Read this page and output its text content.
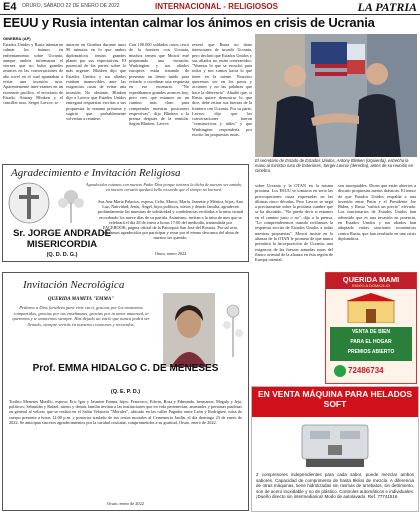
E4 ORURO, SÁBADO 22 DE ENERO DE 2022	INTERNACIONAL - RELIGIOSOS	LA PATRIA
EEUU y Rusia intentan calmar los ánimos en crisis de Ucrania
GINEBRA (AP)
Estados Unidos y Rusia intentaron calmar los ánimos en enfrentamiento sobre Ucrania, aunque ambos informaron el viernes que no hubo grandes avances en las conversaciones de alto nivel en el cual apuntaban a evitar una invasión rusa. Aparentemente inter-esantes en un escenario pacífico, el secretario de Estado, Antony Blinken y el canciller ruso, Sergei Lavrov, se
unieron en Ginebra durante unos 90 minutos en lo que ambos diplomáticos tenían grandes planes por sus expectativas. El potencial de las partes sobre lo más urgente. Blinken dijo que Estados Unidos y sus aliados estaban inamovibles ante las exigencias rusas de evitar una invasión. No obstante, Blinken dijo a Lavrov que Estados Unidos entregará respuestas escritas a sus propuestas la semana próxima y sugirió que probablemente volverían a reunirse.
Con 100.000 soldados rusos cerca de la frontera con Ucrania, muchos temen que Moscú esté preparando una invasión. Washington y sus aliados europeos están tratando de presentar un frente unido para evitarlo o coordinar una respuesta en ese escenario. "No esperábamos grandes avances hoy, pero creo que estamos en un camino más claro para comprender nuestras posiciones respectivas", dijo Blinken a la prensa después de la reunión. Según Blinken, Lavrov
reiteró que Rusia no tiene intenciones de invadir Ucrania, pero declaró que Estados Unidos y sus aliados no están convencidos. "Veamos lo que se escuchó para todos y nos vamos hacia lo que tiene en la mente. Nosotros queremos ver en los pasos y acciones y no las palabras que hace la diferencia". Añadió que, si Rusia quiere demostrar lo que dice, debe retirar sus fuerzas de la frontera con Ucrania. Por su parte, Lavrov dijo que las conversaciones fueron "constructivas y útiles" y que Washington respondería por escrito las propuestas rusas.
El secretario de Estado de Estados Unidos, Antony Blinken (izquierda), estrecha la mano al ministro ruso de Exteriores, Sergei Lavrov (derecha), antes de su reunión en Ginebra.
sobre Ucrania y la OTAN en la misma próxima. Los EEUU se tomaron en serio las preocupaciones rusas expresadas en las últimas cinco décadas. Pero Lavrov se negó a precisamente sobre la próxima cumbre que se ha discutido. "No puedo decir si estamos en el camino justo o no", dijo a la prensa. "Lo comprenderemos cuando recibamos la respuesta escrita de Estados Unidos a todas nuestras propuestas". Moscú insiste en la alianza de la OTAN le prometa de que nunca permitirá la incorporación de Ucrania, una exigencia de las fuerzas armadas rusas del flanco oriental de la alianza en ésta región de Europa oriental.
son inaceptables. Dicen que están abiertos a discutir propuestas menos drásticas. El temor de que Estados Unidos respalda a una invasión entre Putin y el Presidente Joe Biden, y Rusia "sufrirá un precio" elevado. Los funcionarios de Estados Unidos han advertido que es una invasión en potencia, en Estados Unidos y sus aliados han adoptado varias sanciones económicas contra Rusia, que han resultado en una crisis diplomática.
Agradecimiento e Invitación Religiosa
Agradecidos estamos con nuestro Padre Dios porque tuvimos la dicha de nuestro ser amado, en nuestro corazón quedará bello recuerdo que el tiempo no borrará.
Sus Ana María Palacios, esposa, Celia, Marco, María, Jeanette y Mónica, hijos; Ana Luz, Natividad, Jesús, Ángel, hijos políticos, nietos y demás familia, agradecen profundamente las muestras de solidaridad y condolencias recibidas a la misa virtual recordando los nueve días de su partida. Asimismo, invitan a la misa de mes que se celebrará el día 28 de enero a horas 17:00 del mediodía, transmitida por FACEBOOK, página oficial de la Parroquia San José del Rosario. Por tal acto, quedamos agradecidos por participar y rezar por el eterno descanso del alma de nuestro ser querido.
Sr. JORGE ANDRADE MISERICORDIA
(Q. D. D. G.)	Oruro, enero 2022
Invitación Necrológica
QUERIDA MAMITA "EMMA"
Pedimos a Dios fortaleza para vivir sin ti, gracias por los momentos compartidos, gracias por tus enseñanzas, gracias por tu amor maternal, te queremos y te amaremos siempre. Has dejado un vacío que nunca podrá ser llenado, siempre vivirás en nuestros corazones y recuerdos.
Prof. EMMA HIDALGO C. DE MENESES
(Q. E. P. D.)
Toribio Meneses Murillo, esposo; Eric Igor y Jasmine Emma, hijos; Francisco, Edwin, Rosa y Edmundo, hermanos; Magaly y Jeja, políticos; Sebastián y Rafael, nietos y demás familia invitan a las instituciones que en vida pertenecían, amistades y personas piadosas en general al velorio que se realiza en el Salón Velatorio "Morales", ubicado en las calles Pagador entre León y Rodríguez, misa de cuerpo presente a horas 12:00 p.m. y posterior traslado de sus restos mortales al Cementerio Jardín, el día domingo 23 de enero de 2022. Se anticipan sinceros agradecimientos por la caridad cristiana, comprometidos a su gratitud, Oruro, enero de 2022.
Oruro, enero de 2022
QUERIDA MAMI
ENVÍO A DOMICILIO
VENTA DE BIEN
PARA EL HOGAR
PREMIOS ABIERTO
72486734
EN VENTA MÁQUINA PARA HELADOS SOFT
2 compresores independientes para cada sabor, puede mezclar ambos sabores. Capacidad de comprimento de hasta 9kilos de mezcla. A diferencia de otras máquinas, tiene hidrolizadas sin rasmas de arrebatos, sin detrimento, son de acero inoxidable y no de plástico. Controles automáticos e individuales. ¡Dueño directo sin intermediarios! Modo de autolavado. Ref. 77741516
